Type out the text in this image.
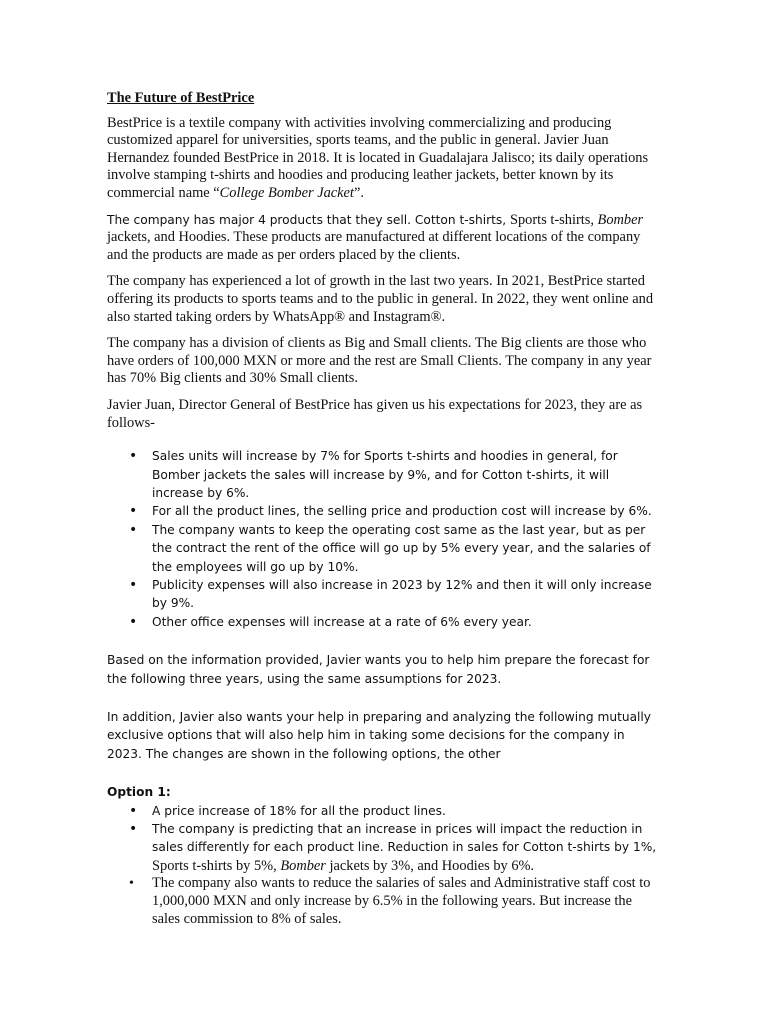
The Future of BestPrice

BestPrice is a textile company with activities involving commercializing and producing customized apparel for universities, sports teams, and the public in general. Javier Juan Hernandez founded BestPrice in 2018. It is located in Guadalajara Jalisco; its daily operations involve stamping t-shirts and hoodies and producing leather jackets, better known by its commercial name “College Bomber Jacket”.

The company has major 4 products that they sell. Cotton t-shirts, Sports t-shirts, Bomber jackets, and Hoodies. These products are manufactured at different locations of the company and the products are made as per orders placed by the clients.

The company has experienced a lot of growth in the last two years. In 2021, BestPrice started offering its products to sports teams and to the public in general. In 2022, they went online and also started taking orders by WhatsApp® and Instagram®.

The company has a division of clients as Big and Small clients. The Big clients are those who have orders of 100,000 MXN or more and the rest are Small Clients. The company in any year has 70% Big clients and 30% Small clients.

Javier Juan, Director General of BestPrice has given us his expectations for 2023, they are as follows-

• Sales units will increase by 7% for Sports t-shirts and hoodies in general, for Bomber jackets the sales will increase by 9%, and for Cotton t-shirts, it will increase by 6%.
• For all the product lines, the selling price and production cost will increase by 6%.
• The company wants to keep the operating cost same as the last year, but as per the contract the rent of the office will go up by 5% every year, and the salaries of the employees will go up by 10%.
• Publicity expenses will also increase in 2023 by 12% and then it will only increase by 9%.
• Other office expenses will increase at a rate of 6% every year.
Based on the information provided, Javier wants you to help him prepare the forecast for the following three years, using the same assumptions for 2023.
In addition, Javier also wants your help in preparing and analyzing the following mutually exclusive options that will also help him in taking some decisions for the company in 2023. The changes are shown in the following options, the other
Option 1:
• A price increase of 18% for all the product lines.
• The company is predicting that an increase in prices will impact the reduction in sales differently for each product line. Reduction in sales for Cotton t-shirts by 1%, Sports t-shirts by 5%, Bomber jackets by 3%, and Hoodies by 6%.
• The company also wants to reduce the salaries of sales and Administrative staff cost to 1,000,000 MXN and only increase by 6.5% in the following years. But increase the sales commission to 8% of sales.
